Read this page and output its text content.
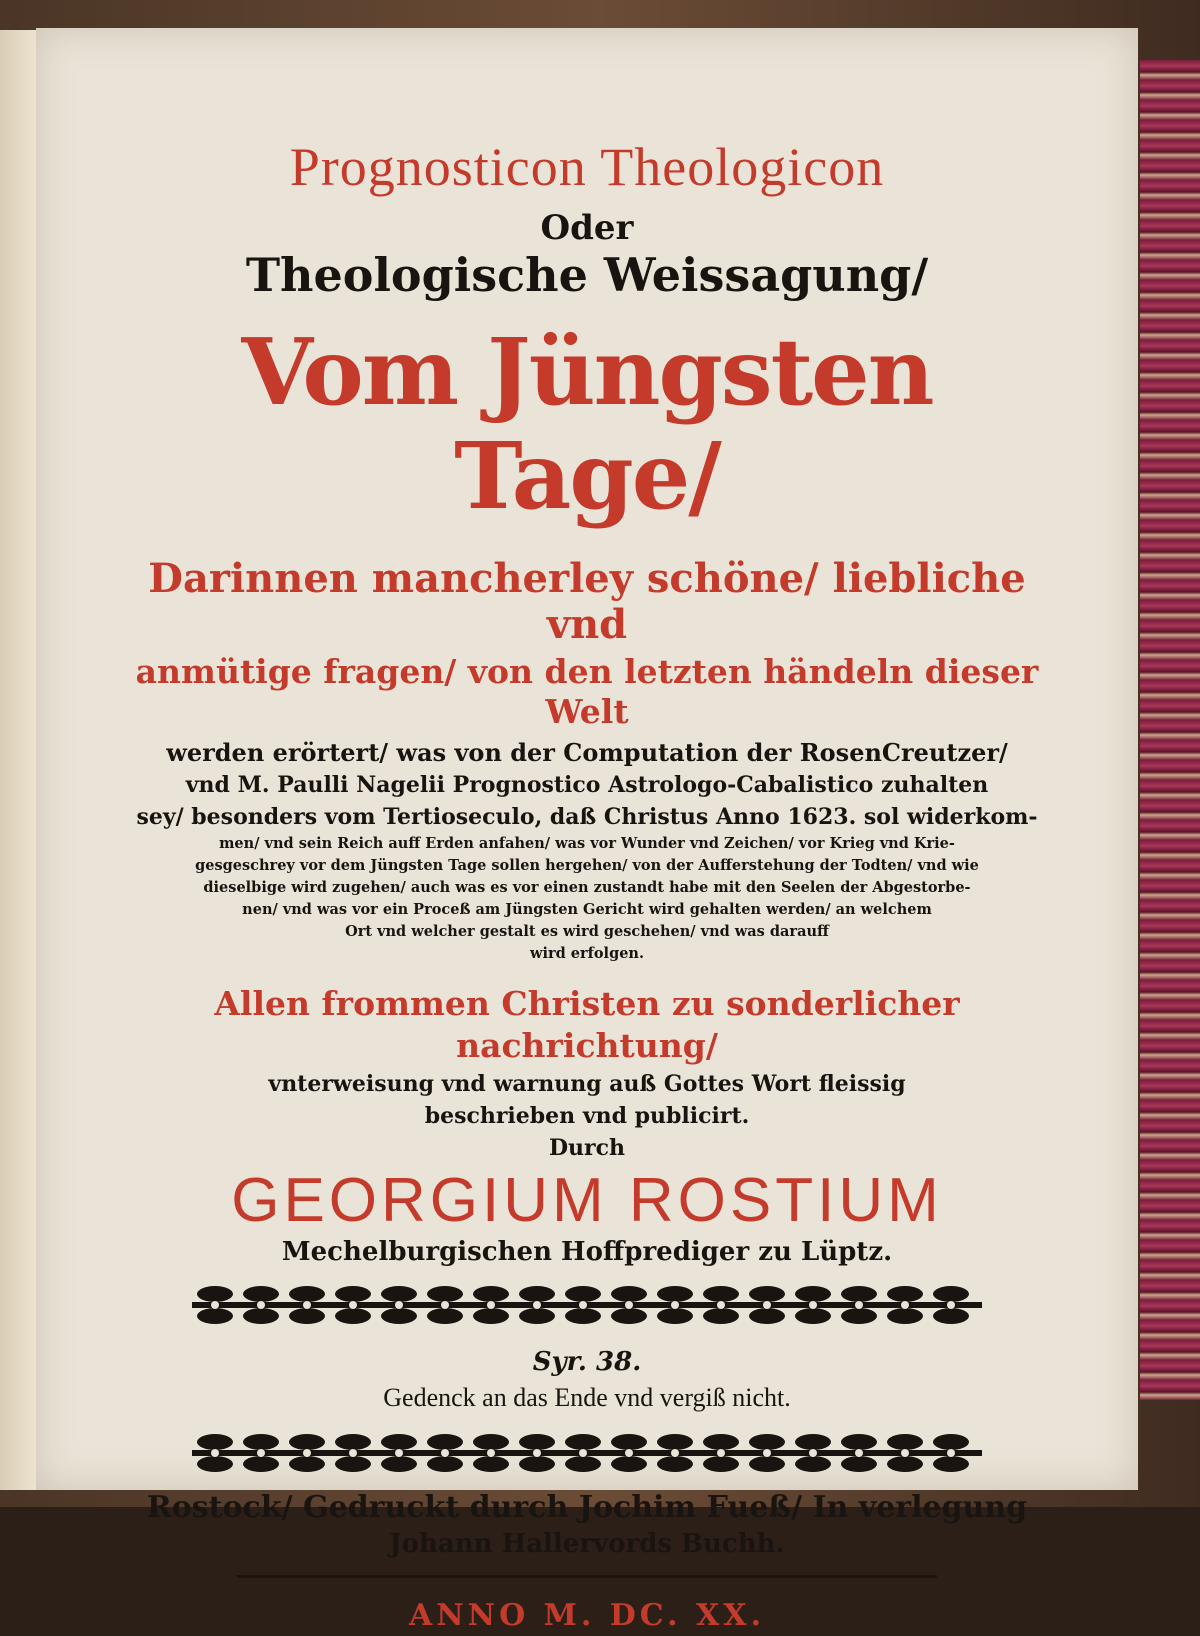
Prognosticon Theologicon

Oder

Theologische Weissagung/

Vom Jüngsten Tage/

Darinnen mancherley schöne/ liebliche vnd

anmütige fragen/ von den letzten händeln dieser Welt

werden erörtert/ was von der Computation der RosenCreutzer/

vnd M. Paulli Nagelii Prognostico Astrologo-Cabalistico zuhalten

sey/ besonders vom Tertioseculo, daß Christus Anno 1623. sol widerkom-

men/ vnd sein Reich auff Erden anfahen/ was vor Wunder vnd Zeichen/ vor Krieg vnd Krie-

gesgeschrey vor dem Jüngsten Tage sollen hergehen/ von der Aufferstehung der Todten/ vnd wie

dieselbige wird zugehen/ auch was es vor einen zustandt habe mit den Seelen der Abgestorbe-

nen/ vnd was vor ein Proceß am Jüngsten Gericht wird gehalten werden/ an welchem

Ort vnd welcher gestalt es wird geschehen/ vnd was darauff

wird erfolgen.

Allen frommen Christen zu sonderlicher nachrichtung/

vnterweisung vnd warnung auß Gottes Wort fleissig

beschrieben vnd publicirt.

Durch

GEORGIUM ROSTIUM

Mechelburgischen Hoffprediger zu Lüptz.

Syr. 38.

Gedenck an das Ende vnd vergiß nicht.

Rostock/ Gedruckt durch Jochim Fueß/ In verlegung

Johann Hallervords Buchh.

ANNO M. DC. XX.
